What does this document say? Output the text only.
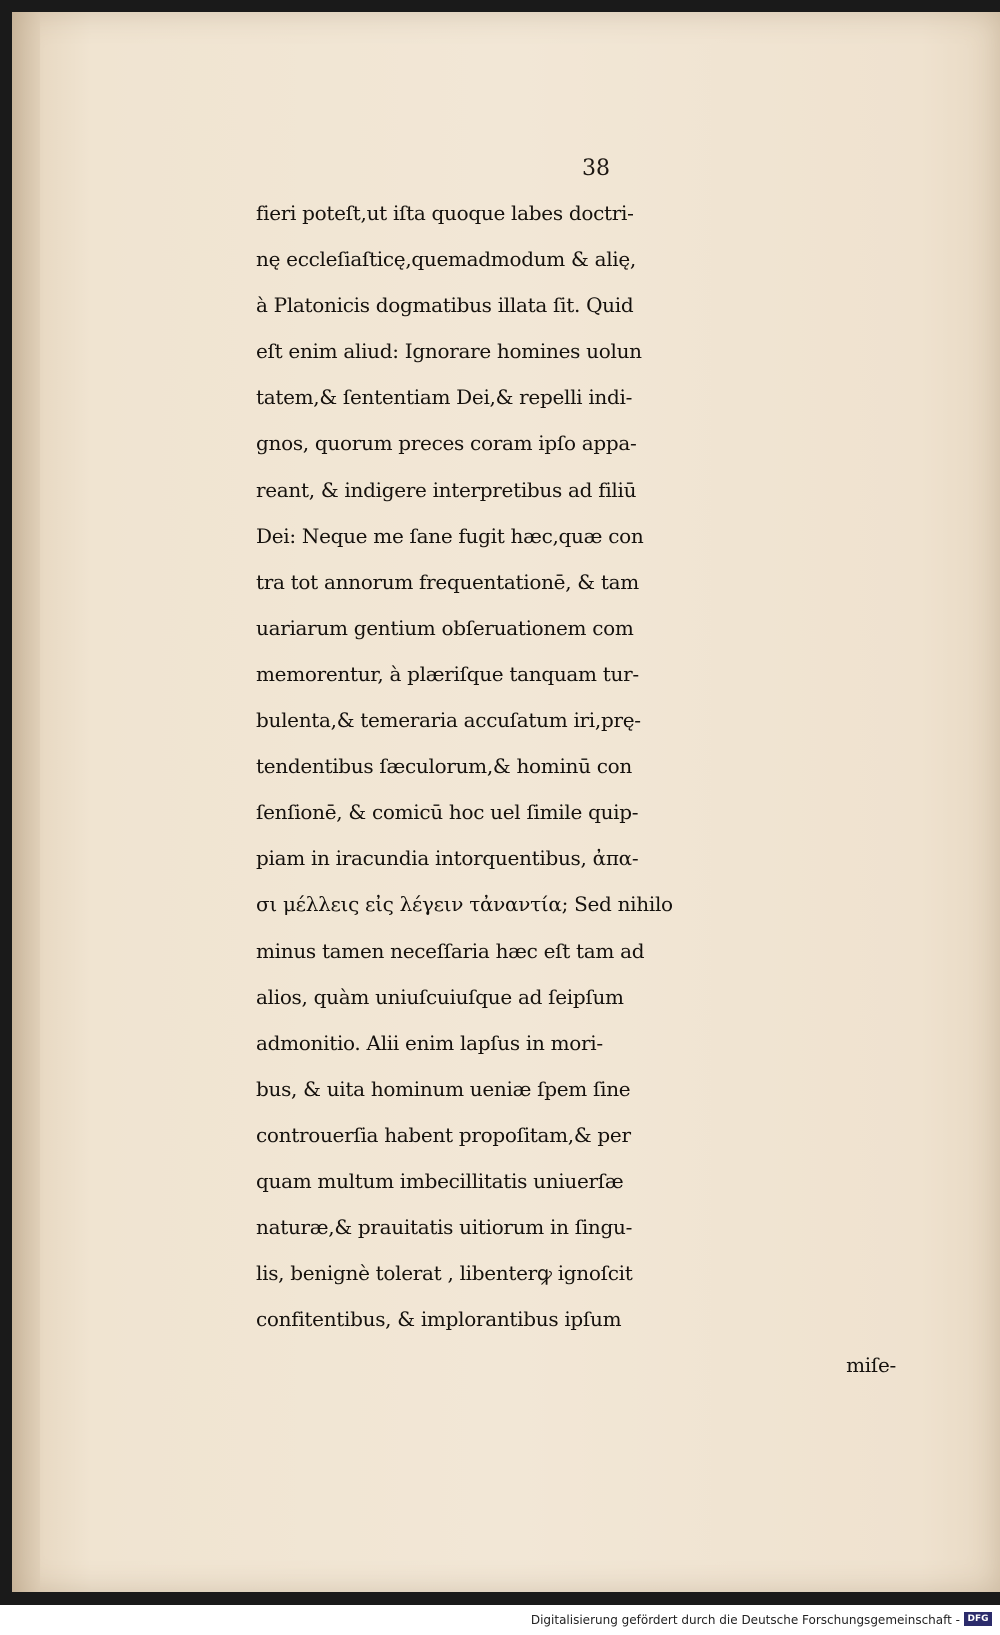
38
fieri poteſt,ut iſta quoque labes doctri-
nę eccleſiaſticę,quemadmodum & alię,
à Platonicis dogmatibus illata ſit. Quid
eſt enim aliud: Ignorare homines uolun
tatem,& ſententiam Dei,& repelli indi-
gnos, quorum preces coram ipſo appa-
reant, & indigere interpretibus ad filiū
Dei: Neque me ſane fugit hæc,quæ con
tra tot annorum frequentationē, & tam
uariarum gentium obſeruationem com
memorentur, à plæriſque tanquam tur-
bulenta,& temeraria accuſatum iri,prę-
tendentibus ſæculorum,& hominū con
ſenſionē, & comicū hoc uel ſimile quip-
piam in iracundia intorquentibus, ἀπα-
σι μέλλεις εἰς λέγειν τἀναντία; Sed nihilo
minus tamen neceſſaria hæc eſt tam ad
alios, quàm uniuſcuiuſque ad ſeipſum
admonitio. Alii enim lapſus in mori-
bus, & uita hominum ueniæ ſpem ſine
controuerſia habent propoſitam,& per
quam multum imbecillitatis uniuerſæ
naturæ,& prauitatis uitiorum in ſingu-
lis, benignè tolerat , libenterꝙ ignoſcit
confitentibus, & implorantibus ipſum
miſe-
Digitalisierung gefördert durch die Deutsche Forschungsgemeinschaft - DFG
